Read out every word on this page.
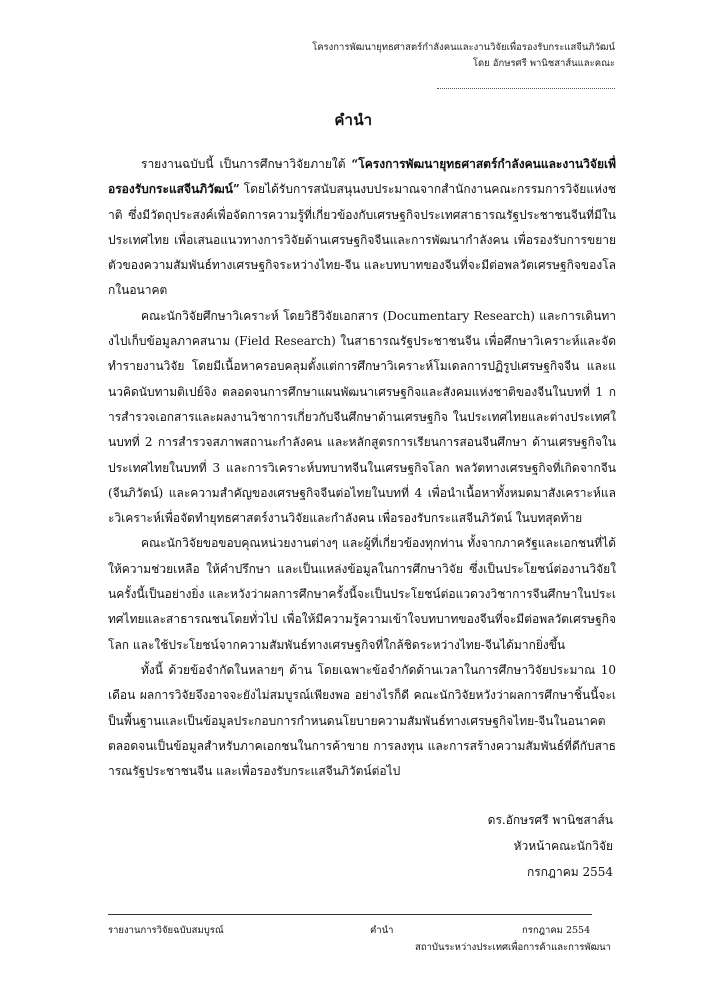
โครงการพัฒนายุทธศาสตร์กำลังคนและงานวิจัยเพื่อรองรับกระแสจีนภิวัฒน์
โดย อักษรศรี พานิชสาส์นและคณะ
คำนำ

รายงานฉบับนี้ เป็นการศึกษาวิจัยภายใต้ “โครงการพัฒนายุทธศาสตร์กำลังคนและงานวิจัยเพื่อรองรับกระแสจีนภิวัฒน์” โดยได้รับการสนับสนุนงบประมาณจากสำนักงานคณะกรรมการวิจัยแห่งชาติ ซึ่งมีวัตถุประสงค์เพื่อจัดการความรู้ที่เกี่ยวข้องกับเศรษฐกิจประเทศสาธารณรัฐประชาชนจีนที่มีในประเทศไทย เพื่อเสนอแนวทางการวิจัยด้านเศรษฐกิจจีนและการพัฒนากำลังคน เพื่อรองรับการขยายตัวของความสัมพันธ์ทางเศรษฐกิจระหว่างไทย-จีน และบทบาทของจีนที่จะมีต่อพลวัตเศรษฐกิจของโลกในอนาคต

คณะนักวิจัยศึกษาวิเคราะห์ โดยวิธีวิจัยเอกสาร (Documentary Research) และการเดินทางไปเก็บข้อมูลภาคสนาม (Field Research) ในสาธารณรัฐประชาชนจีน เพื่อศึกษาวิเคราะห์และจัดทำรายงานวิจัย โดยมีเนื้อหาครอบคลุมตั้งแต่การศึกษาวิเคราะห์โมเดลการปฏิรูปเศรษฐกิจจีน และแนวคิดนับทามติเปย์จิง ตลอดจนการศึกษาแผนพัฒนาเศรษฐกิจและสังคมแห่งชาติของจีนในบทที่ 1 การสำรวจเอกสารและผลงานวิชาการเกี่ยวกับจีนศึกษาด้านเศรษฐกิจ ในประเทศไทยและต่างประเทศในบทที่ 2 การสำรวจสภาพสถานะกำลังคน และหลักสูตรการเรียนการสอนจีนศึกษา ด้านเศรษฐกิจในประเทศไทยในบทที่ 3 และการวิเคราะห์บทบาทจีนในเศรษฐกิจโลก พลวัตทางเศรษฐกิจที่เกิดจากจีน (จีนภิวัตน์) และความสำคัญของเศรษฐกิจจีนต่อไทยในบทที่ 4 เพื่อนำเนื้อหาทั้งหมดมาสังเคราะห์และวิเคราะห์เพื่อจัดทำยุทธศาสตร์งานวิจัยและกำลังคน เพื่อรองรับกระแสจีนภิวัตน์ ในบทสุดท้าย

คณะนักวิจัยขอขอบคุณหน่วยงานต่างๆ และผู้ที่เกี่ยวข้องทุกท่าน ทั้งจากภาครัฐและเอกชนที่ได้ให้ความช่วยเหลือ ให้คำปรึกษา และเป็นแหล่งข้อมูลในการศึกษาวิจัย ซึ่งเป็นประโยชน์ต่องานวิจัยในครั้งนี้เป็นอย่างยิ่ง และหวังว่าผลการศึกษาครั้งนี้จะเป็นประโยชน์ต่อแวดวงวิชาการจีนศึกษาในประเทศไทยและสาธารณชนโดยทั่วไป เพื่อให้มีความรู้ความเข้าใจบทบาทของจีนที่จะมีต่อพลวัตเศรษฐกิจโลก และใช้ประโยชน์จากความสัมพันธ์ทางเศรษฐกิจที่ใกล้ชิดระหว่างไทย-จีนได้มากยิ่งขึ้น

ทั้งนี้ ด้วยข้อจำกัดในหลายๆ ด้าน โดยเฉพาะข้อจำกัดด้านเวลาในการศึกษาวิจัยประมาณ 10 เดือน ผลการวิจัยจึงอาจจะยังไม่สมบูรณ์เพียงพอ อย่างไรก็ดี คณะนักวิจัยหวังว่าผลการศึกษาชิ้นนี้จะเป็นพื้นฐานและเป็นข้อมูลประกอบการกำหนดนโยบายความสัมพันธ์ทางเศรษฐกิจไทย-จีนในอนาคต ตลอดจนเป็นข้อมูลสำหรับภาคเอกชนในการค้าขาย การลงทุน และการสร้างความสัมพันธ์ที่ดีกับสาธารณรัฐประชาชนจีน และเพื่อรองรับกระแสจีนภิวัตน์ต่อไป

ดร.อักษรศรี พานิชสาส์น
หัวหน้าคณะนักวิจัย
กรกฎาคม 2554
รายงานการวิจัยฉบับสมบูรณ์	คำนำ	กรกฎาคม 2554
สถาบันระหว่างประเทศเพื่อการค้าและการพัฒนา
